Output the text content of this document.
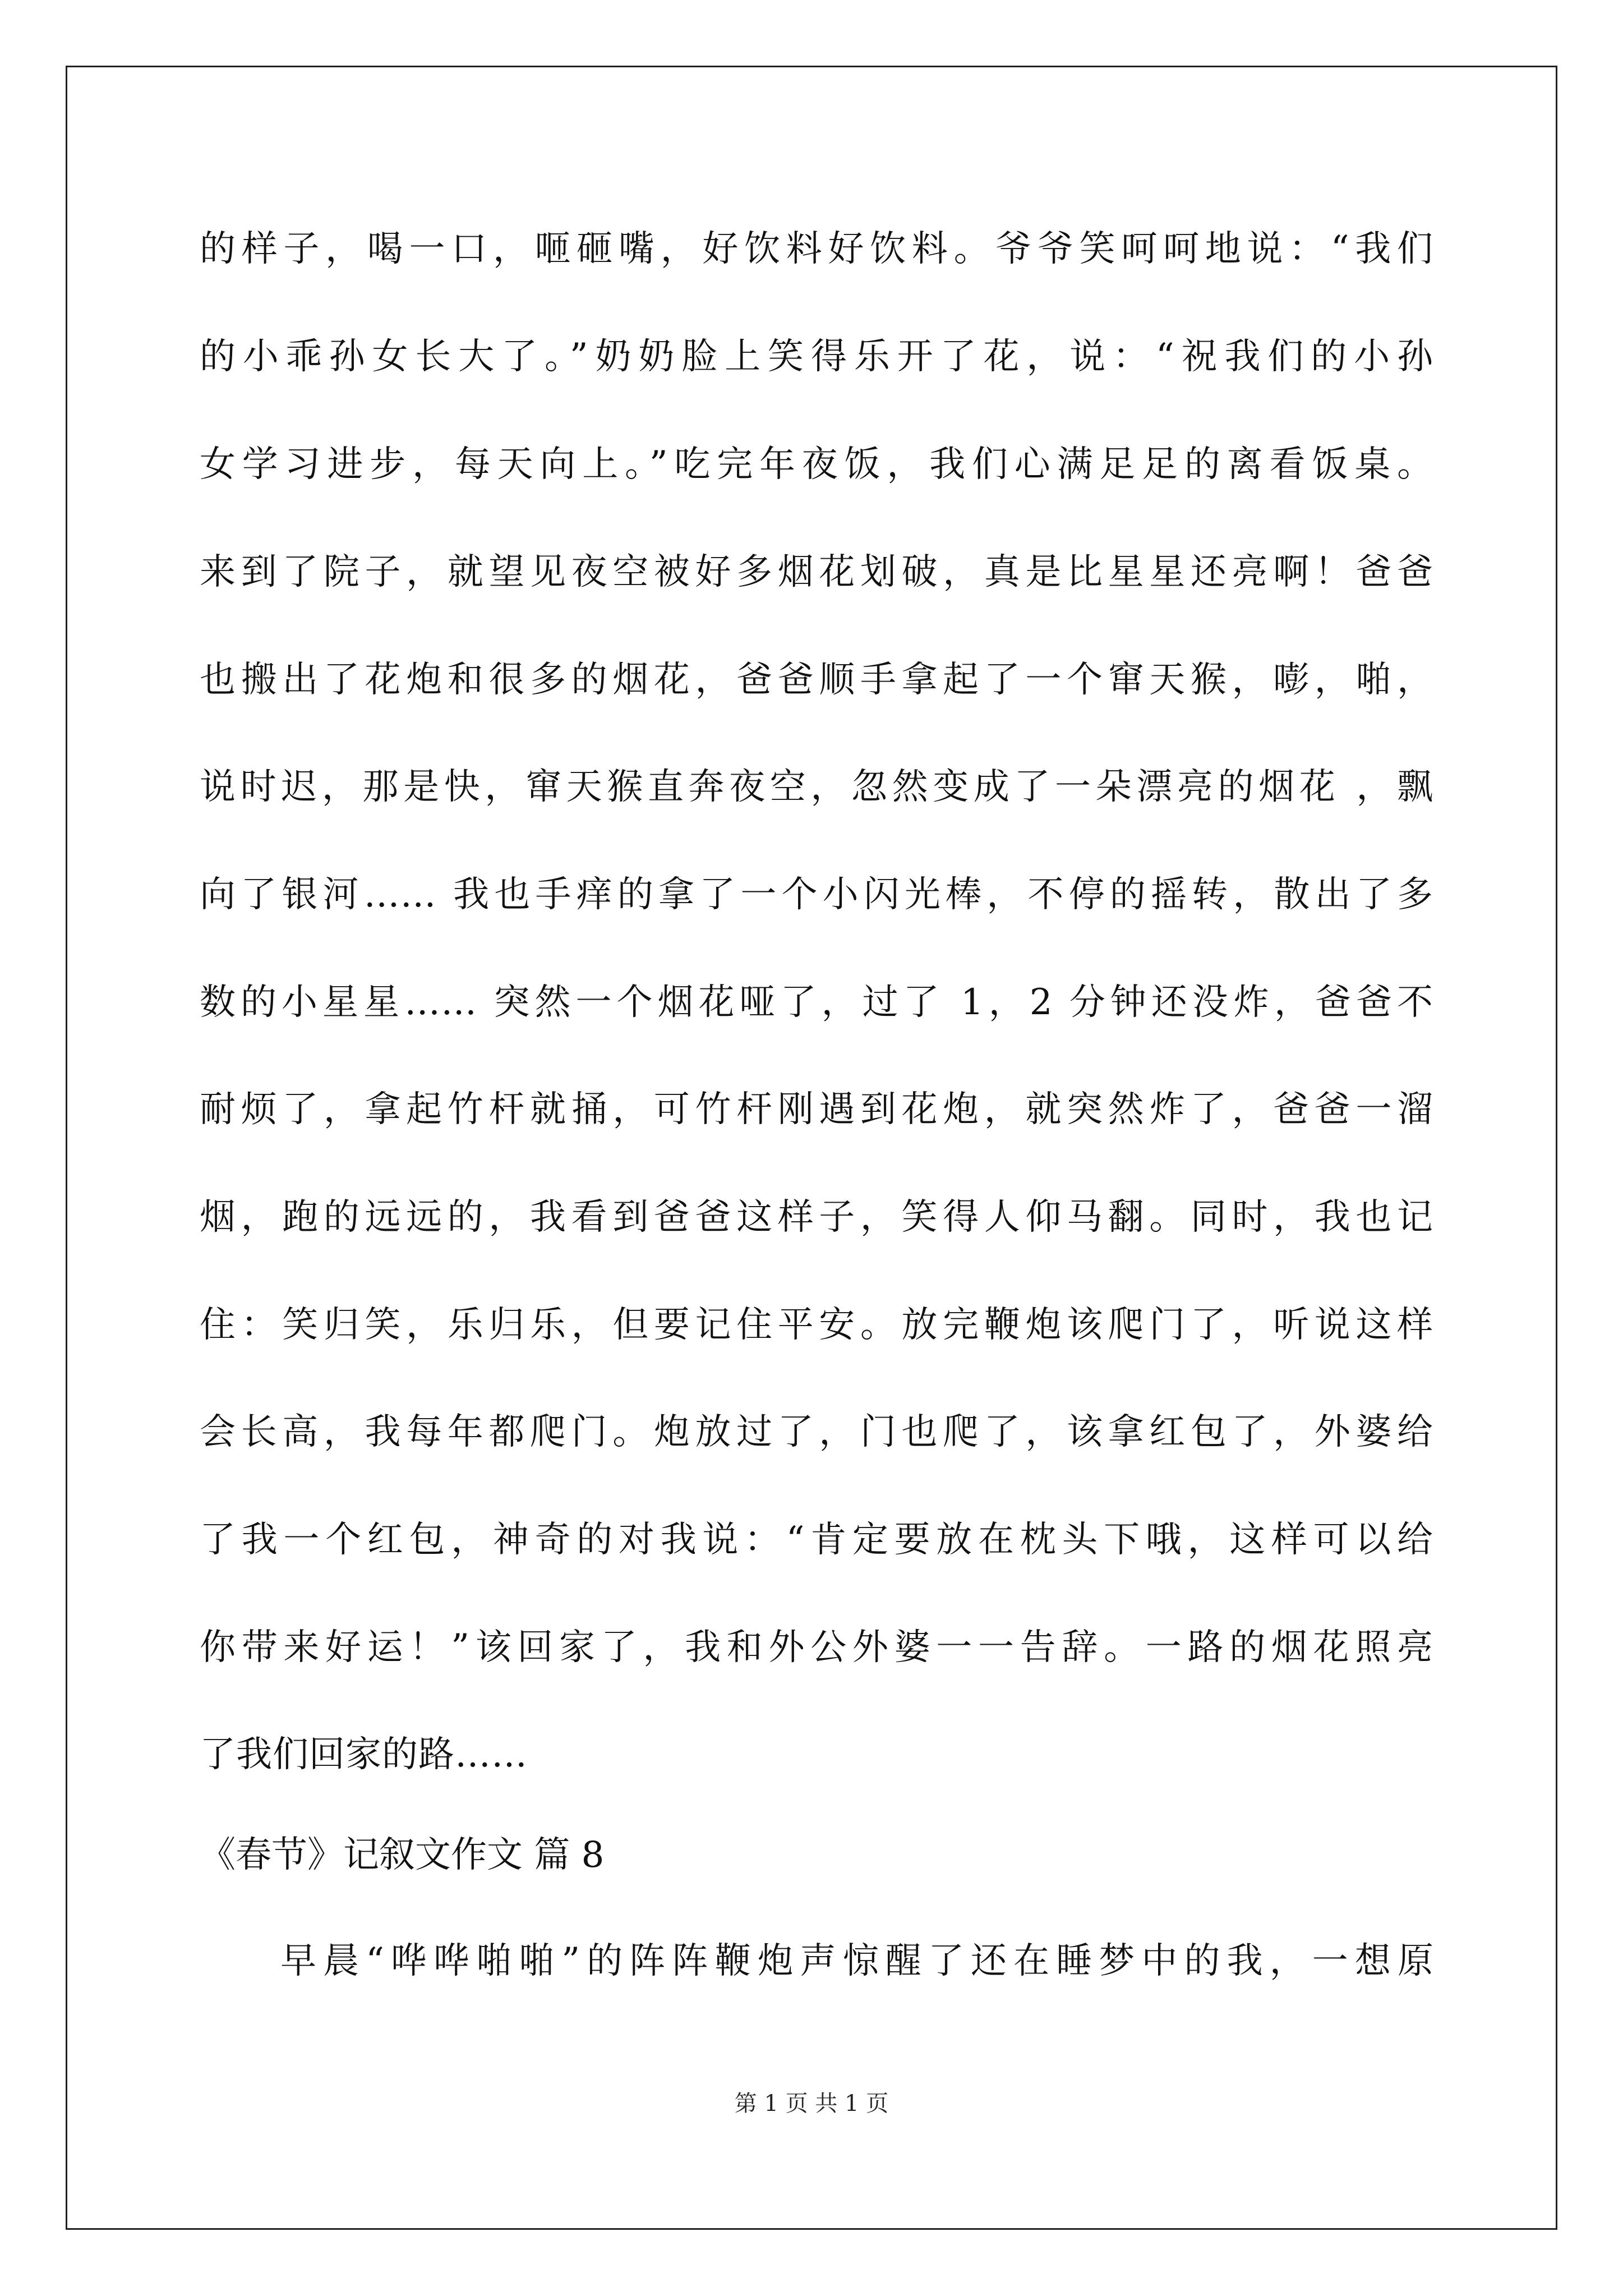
的样子，喝一口，咂砸嘴，好饮料好饮料。爷爷笑呵呵地说：“我们
的小乖孙女长大了。”奶奶脸上笑得乐开了花，说：“祝我们的小孙
女学习进步，每天向上。”吃完年夜饭，我们心满足足的离看饭桌。
来到了院子，就望见夜空被好多烟花划破，真是比星星还亮啊！爸爸
也搬出了花炮和很多的烟花，爸爸顺手拿起了一个窜天猴，嘭，啪，
说时迟，那是快，窜天猴直奔夜空，忽然变成了一朵漂亮的烟花 ，飘
向了银河…… 我也手痒的拿了一个小闪光棒，不停的摇转，散出了多
数的小星星…… 突然一个烟花哑了，过了 1，2 分钟还没炸，爸爸不
耐烦了，拿起竹杆就捅，可竹杆刚遇到花炮，就突然炸了，爸爸一溜
烟，跑的远远的，我看到爸爸这样子，笑得人仰马翻。同时，我也记
住：笑归笑，乐归乐，但要记住平安。放完鞭炮该爬门了，听说这样
会长高，我每年都爬门。炮放过了，门也爬了，该拿红包了，外婆给
了我一个红包，神奇的对我说：“肯定要放在枕头下哦，这样可以给
你带来好运！”该回家了，我和外公外婆一一告辞。一路的烟花照亮
了我们回家的路……
《春节》记叙文作文 篇 8
早晨“哗哗啪啪”的阵阵鞭炮声惊醒了还在睡梦中的我，一想原
第 1 页 共 1 页
